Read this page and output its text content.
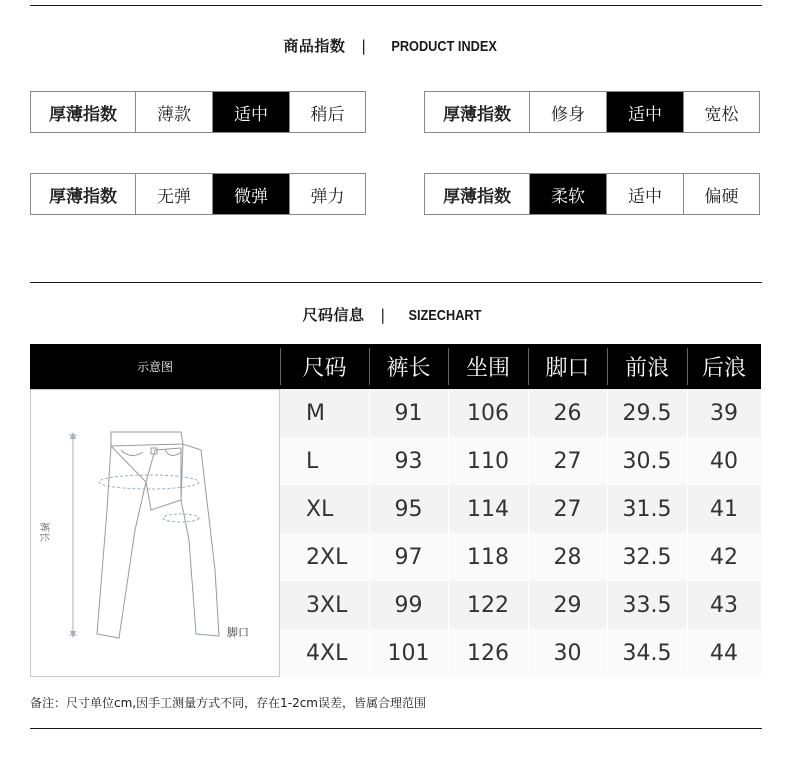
商品指数 | PRODUCT INDEX
厚薄指数	薄款	适中	稍后	厚薄指数	修身	适中	宽松
厚薄指数	无弹	微弹	弹力	厚薄指数	柔软	适中	偏硬
尺码信息 | SIZECHART
示意图	尺码	裤长	坐围	脚口	前浪	后浪
裤长
脚口
M	91	106	26	29.5	39
L	93	110	27	30.5	40
XL	95	114	27	31.5	41
2XL	97	118	28	32.5	42
3XL	99	122	29	33.5	43
4XL	101	126	30	34.5	44
备注：尺寸单位cm,因手工测量方式不同，存在1-2cm误差，皆属合理范围
